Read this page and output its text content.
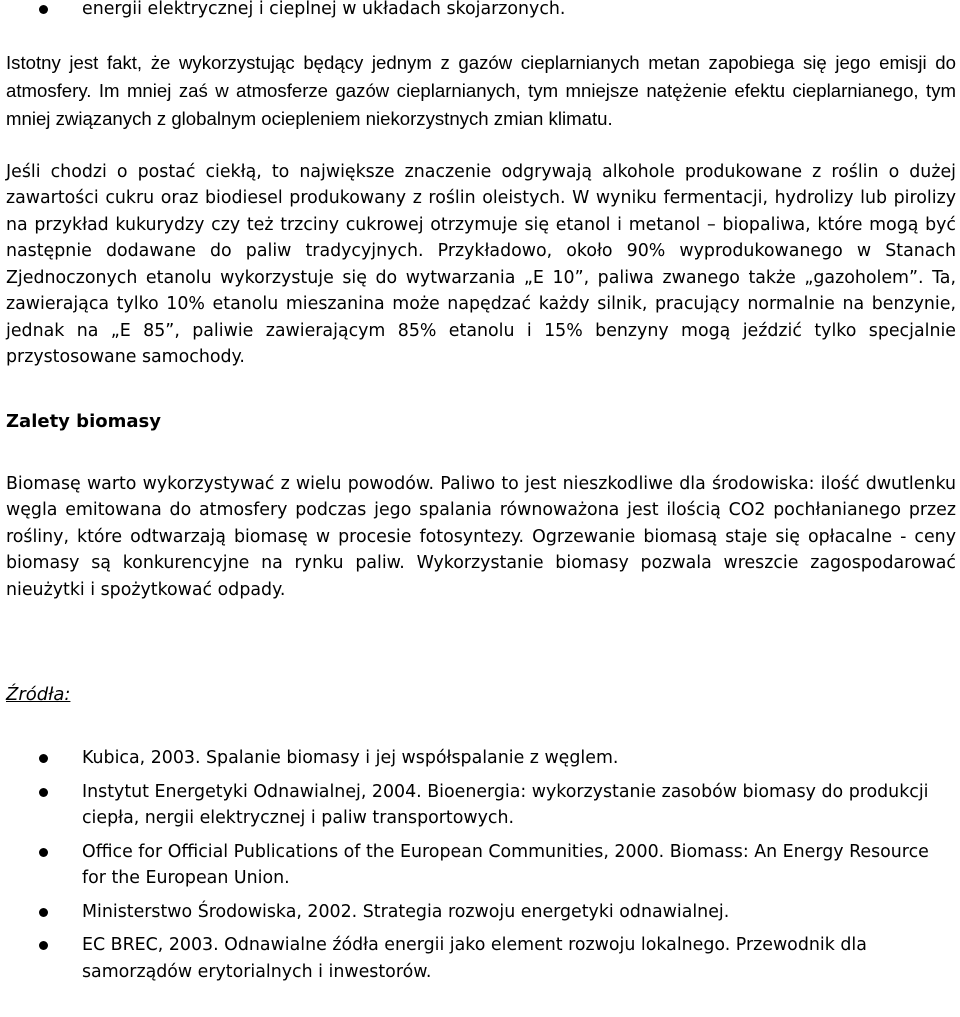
energii elektrycznej i cieplnej w układach skojarzonych.

Istotny jest fakt, że wykorzystując będący jednym z gazów cieplarnianych metan zapobiega się jego emisji do atmosfery. Im mniej zaś w atmosferze gazów cieplarnianych, tym mniejsze natężenie efektu cieplarnianego, tym mniej związanych z globalnym ociepleniem niekorzystnych zmian klimatu.

Jeśli chodzi o postać ciekłą, to największe znaczenie odgrywają alkohole produkowane z roślin o dużej zawartości cukru oraz biodiesel produkowany z roślin oleistych. W wyniku fermentacji, hydrolizy lub pirolizy na przykład kukurydzy czy też trzciny cukrowej otrzymuje się etanol i metanol – biopaliwa, które mogą być następnie dodawane do paliw tradycyjnych. Przykładowo, około 90% wyprodukowanego w Stanach Zjednoczonych etanolu wykorzystuje się do wytwarzania „E 10”, paliwa zwanego także „gazoholem”. Ta, zawierająca tylko 10% etanolu mieszanina może napędzać każdy silnik, pracujący normalnie na benzynie, jednak na „E 85”, paliwie zawierającym 85% etanolu i 15% benzyny mogą jeździć tylko specjalnie przystosowane samochody.

Zalety biomasy

Biomasę warto wykorzystywać z wielu powodów. Paliwo to jest nieszkodliwe dla środowiska: ilość dwutlenku węgla emitowana do atmosfery podczas jego spalania równoważona jest ilością CO2 pochłanianego przez rośliny, które odtwarzają biomasę w procesie fotosyntezy. Ogrzewanie biomasą staje się opłacalne - ceny biomasy są konkurencyjne na rynku paliw. Wykorzystanie biomasy pozwala wreszcie zagospodarować nieużytki i spożytkować odpady.

Źródła:
Kubica, 2003. Spalanie biomasy i jej współspalanie z węglem.
Instytut Energetyki Odnawialnej, 2004. Bioenergia: wykorzystanie zasobów biomasy do produkcji ciepła, nergii elektrycznej i paliw transportowych.
Office for Official Publications of the European Communities, 2000. Biomass: An Energy Resource for the European Union.
Ministerstwo Środowiska, 2002. Strategia rozwoju energetyki odnawialnej.
EC BREC, 2003. Odnawialne źódła energii jako element rozwoju lokalnego. Przewodnik dla samorządów erytorialnych i inwestorów.
